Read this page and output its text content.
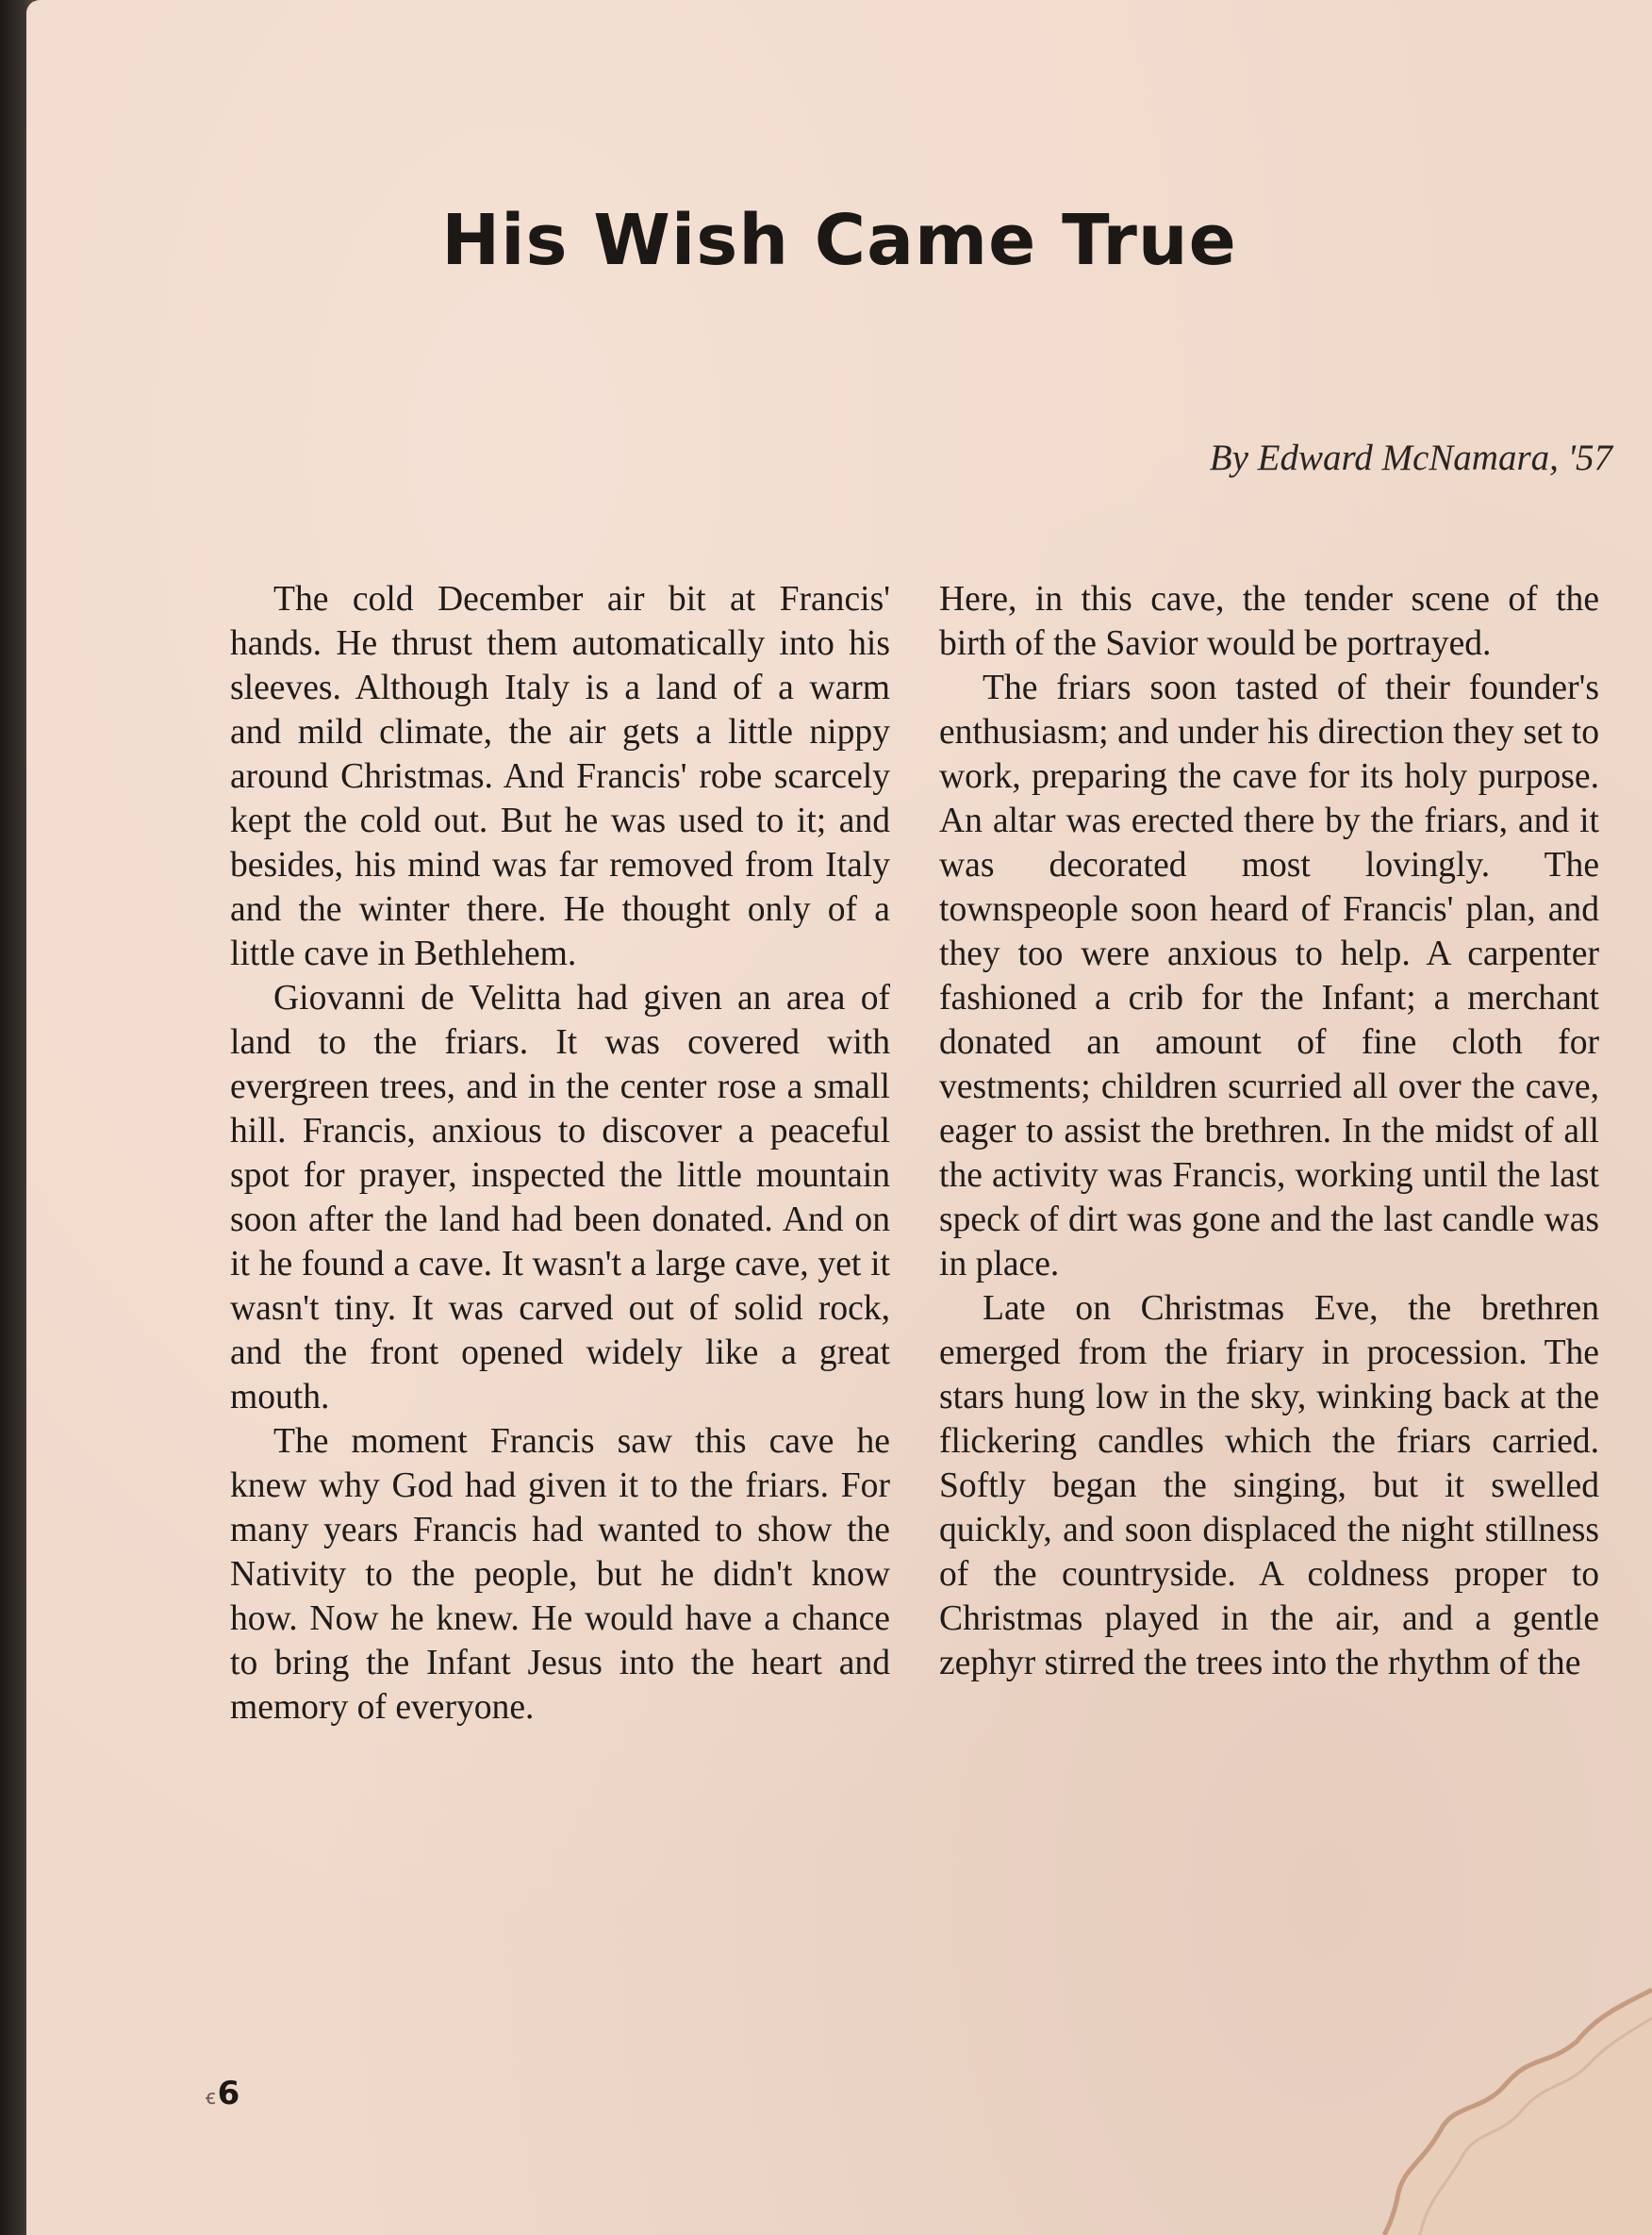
His Wish Came True

By Edward McNamara, '57

The cold December air bit at Francis' hands. He thrust them automatically into his sleeves. Although Italy is a land of a warm and mild climate, the air gets a little nippy around Christmas. And Francis' robe scarcely kept the cold out. But he was used to it; and besides, his mind was far removed from Italy and the winter there. He thought only of a little cave in Bethlehem.

Giovanni de Velitta had given an area of land to the friars. It was covered with evergreen trees, and in the center rose a small hill. Francis, anxious to discover a peaceful spot for prayer, inspected the little mountain soon after the land had been donated. And on it he found a cave. It wasn't a large cave, yet it wasn't tiny. It was carved out of solid rock, and the front opened widely like a great mouth.

The moment Francis saw this cave he knew why God had given it to the friars. For many years Francis had wanted to show the Nativity to the people, but he didn't know how. Now he knew. He would have a chance to bring the Infant Jesus into the heart and memory of everyone.

Here, in this cave, the tender scene of the birth of the Savior would be portrayed.

The friars soon tasted of their founder's enthusiasm; and under his direction they set to work, preparing the cave for its holy purpose. An altar was erected there by the friars, and it was decorated most lovingly. The townspeople soon heard of Francis' plan, and they too were anxious to help. A carpenter fashioned a crib for the Infant; a merchant donated an amount of fine cloth for vestments; children scurried all over the cave, eager to assist the brethren. In the midst of all the activity was Francis, working until the last speck of dirt was gone and the last candle was in place.

Late on Christmas Eve, the brethren emerged from the friary in procession. The stars hung low in the sky, winking back at the flickering candles which the friars carried. Softly began the singing, but it swelled quickly, and soon displaced the night stillness of the countryside. A coldness proper to Christmas played in the air, and a gentle zephyr stirred the trees into the rhythm of the

ꞓ6
